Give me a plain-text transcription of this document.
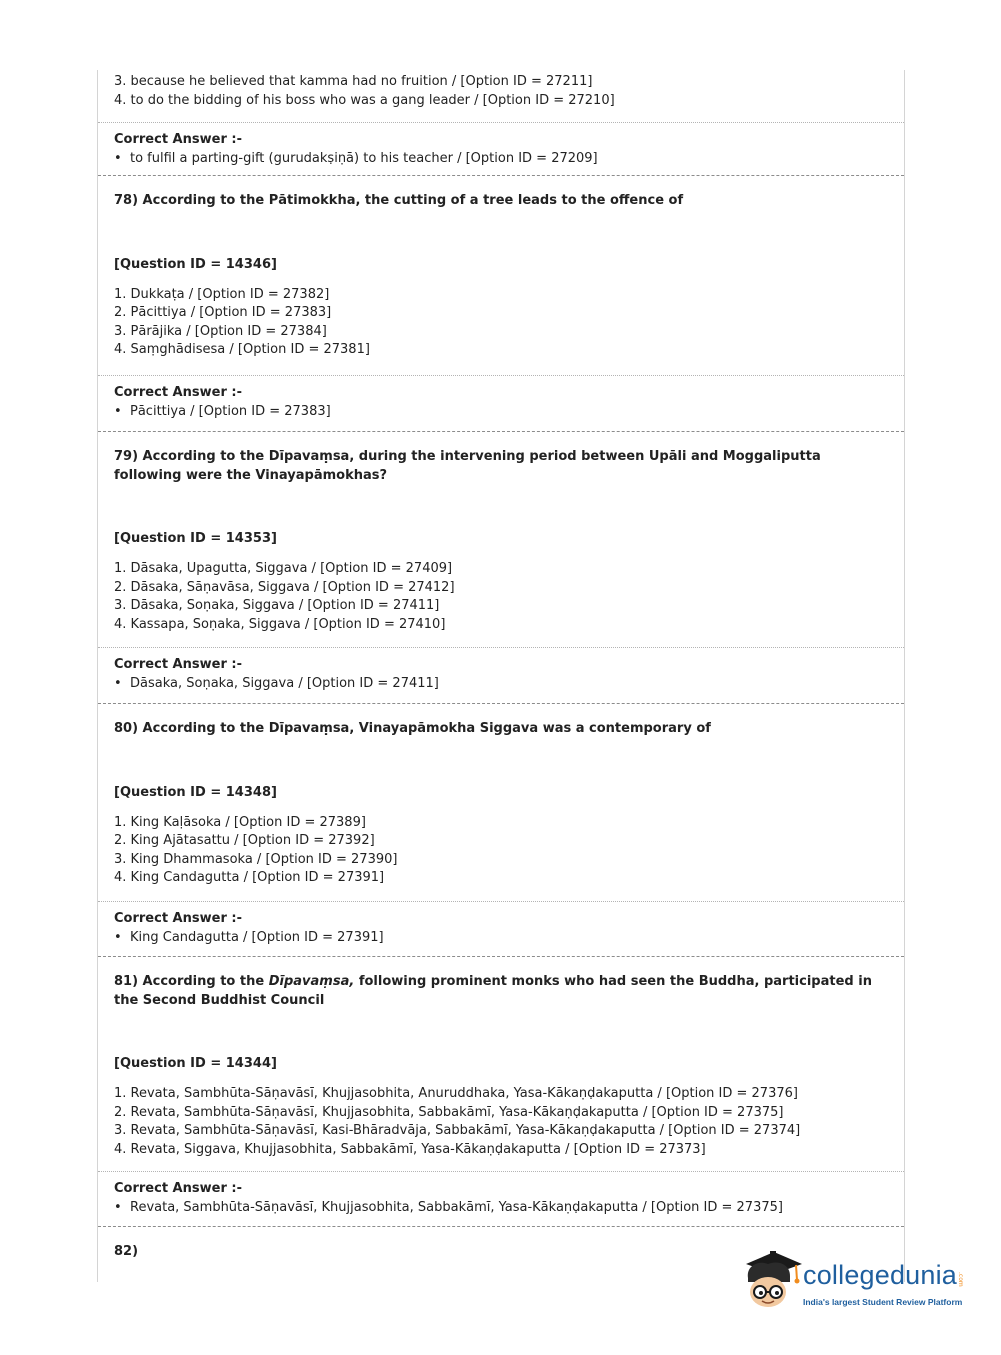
3. because he believed that kamma had no fruition / [Option ID = 27211]
4. to do the bidding of his boss who was a gang leader / [Option ID = 27210]
Correct Answer :-
• to fulfil a parting-gift (gurudakṣiṇā) to his teacher / [Option ID = 27209]
78) According to the Pātimokkha, the cutting of a tree leads to the offence of
[Question ID = 14346]
1. Dukkaṭa / [Option ID = 27382]
2. Pācittiya / [Option ID = 27383]
3. Pārājika / [Option ID = 27384]
4. Saṃghādisesa / [Option ID = 27381]
Correct Answer :-
• Pācittiya / [Option ID = 27383]
79) According to the Dīpavaṃsa, during the intervening period between Upāli and Moggaliputta following were the Vinayapāmokhas?
[Question ID = 14353]
1. Dāsaka, Upagutta, Siggava / [Option ID = 27409]
2. Dāsaka, Sāṇavāsa, Siggava / [Option ID = 27412]
3. Dāsaka, Soṇaka, Siggava / [Option ID = 27411]
4. Kassapa, Soṇaka, Siggava / [Option ID = 27410]
Correct Answer :-
• Dāsaka, Soṇaka, Siggava / [Option ID = 27411]
80) According to the Dīpavaṃsa, Vinayapāmokha Siggava was a contemporary of
[Question ID = 14348]
1. King Kaḷāsoka / [Option ID = 27389]
2. King Ajātasattu / [Option ID = 27392]
3. King Dhammasoka / [Option ID = 27390]
4. King Candagutta / [Option ID = 27391]
Correct Answer :-
• King Candagutta / [Option ID = 27391]
81) According to the Dīpavaṃsa, following prominent monks who had seen the Buddha, participated in the Second Buddhist Council
[Question ID = 14344]
1. Revata, Sambhūta-Sāṇavāsī, Khujjasobhita, Anuruddhaka, Yasa-Kākaṇḍakaputta / [Option ID = 27376]
2. Revata, Sambhūta-Sāṇavāsī, Khujjasobhita, Sabbakāmī, Yasa-Kākaṇḍakaputta / [Option ID = 27375]
3. Revata, Sambhūta-Sāṇavāsī, Kasi-Bhāradvāja, Sabbakāmī, Yasa-Kākaṇḍakaputta / [Option ID = 27374]
4. Revata, Siggava, Khujjasobhita, Sabbakāmī, Yasa-Kākaṇḍakaputta / [Option ID = 27373]
Correct Answer :-
• Revata, Sambhūta-Sāṇavāsī, Khujjasobhita, Sabbakāmī, Yasa-Kākaṇḍakaputta / [Option ID = 27375]
82)
collegedunia .com
India's largest Student Review Platform
